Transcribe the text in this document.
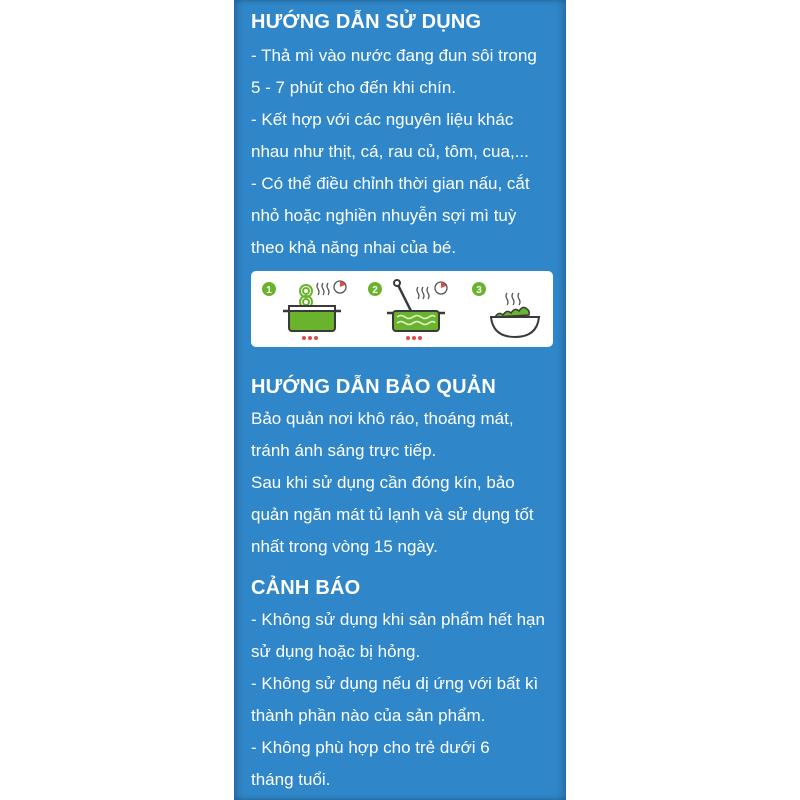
HƯỚNG DẪN SỬ DỤNG
- Thả mì vào nước đang đun sôi trong
5 - 7 phút cho đến khi chín.
- Kết hợp với các nguyên liệu khác
nhau như thịt, cá, rau củ, tôm, cua,...
- Có thể điều chỉnh thời gian nấu, cắt
nhỏ hoặc nghiền nhuyễn sợi mì tuỳ
theo khả năng nhai của bé.
1	2	3
HƯỚNG DẪN BẢO QUẢN
Bảo quản nơi khô ráo, thoáng mát,
tránh ánh sáng trực tiếp.
Sau khi sử dụng cần đóng kín, bảo
quản ngăn mát tủ lạnh và sử dụng tốt
nhất trong vòng 15 ngày.
CẢNH BÁO
- Không sử dụng khi sản phẩm hết hạn
sử dụng hoặc bị hỏng.
- Không sử dụng nếu dị ứng với bất kì
thành phần nào của sản phẩm.
- Không phù hợp cho trẻ dưới 6
tháng tuổi.
